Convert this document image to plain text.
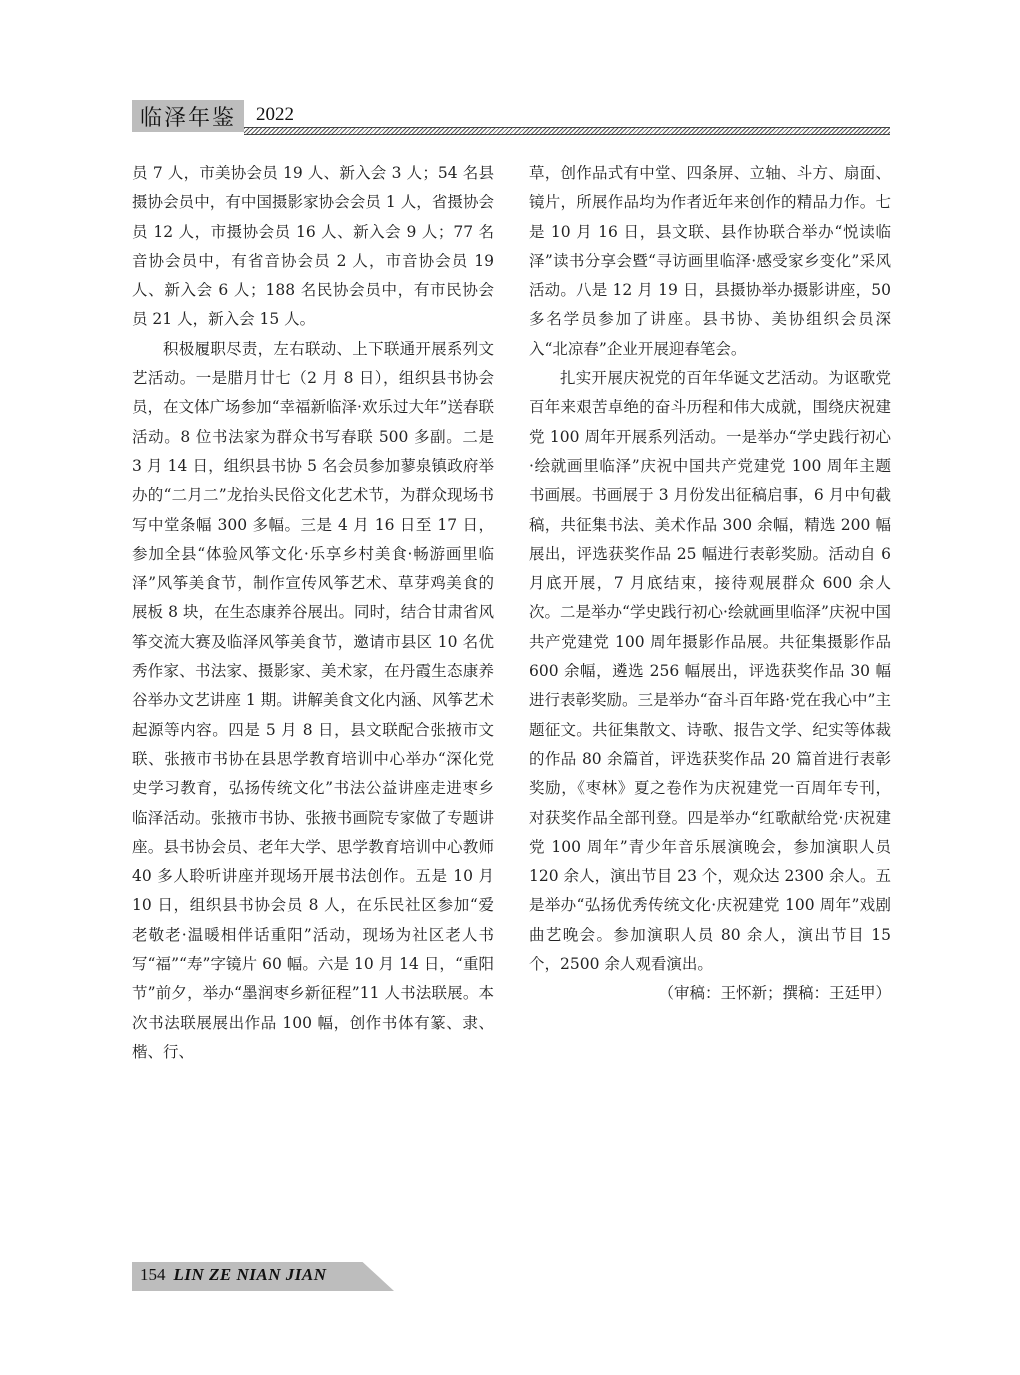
临泽年鉴 2022

员 7 人，市美协会员 19 人、新入会 3 人；54 名县摄协会员中，有中国摄影家协会会员 1 人，省摄协会员 12 人，市摄协会员 16 人、新入会 9 人；77 名音协会员中，有省音协会员 2 人，市音协会员 19 人、新入会 6 人；188 名民协会员中，有市民协会员 21 人，新入会 15 人。

积极履职尽责，左右联动、上下联通开展系列文艺活动。一是腊月廿七（2 月 8 日），组织县书协会员，在文体广场参加“幸福新临泽·欢乐过大年”送春联活动。8 位书法家为群众书写春联 500 多副。二是 3 月 14 日，组织县书协 5 名会员参加蓼泉镇政府举办的“二月二”龙抬头民俗文化艺术节，为群众现场书写中堂条幅 300 多幅。三是 4 月 16 日至 17 日，参加全县“体验风筝文化·乐享乡村美食·畅游画里临泽”风筝美食节，制作宣传风筝艺术、草芽鸡美食的展板 8 块，在生态康养谷展出。同时，结合甘肃省风筝交流大赛及临泽风筝美食节，邀请市县区 10 名优秀作家、书法家、摄影家、美术家，在丹霞生态康养谷举办文艺讲座 1 期。讲解美食文化内涵、风筝艺术起源等内容。四是 5 月 8 日，县文联配合张掖市文联、张掖市书协在县思学教育培训中心举办“深化党史学习教育，弘扬传统文化”书法公益讲座走进枣乡临泽活动。张掖市书协、张掖书画院专家做了专题讲座。县书协会员、老年大学、思学教育培训中心教师 40 多人聆听讲座并现场开展书法创作。五是 10 月 10 日，组织县书协会员 8 人，在乐民社区参加“爱老敬老·温暖相伴话重阳”活动，现场为社区老人书写“福”“寿”字镜片 60 幅。六是 10 月 14 日，“重阳节”前夕，举办“墨润枣乡新征程”11 人书法联展。本次书法联展展出作品 100 幅，创作书体有篆、隶、楷、行、

草，创作品式有中堂、四条屏、立轴、斗方、扇面、镜片，所展作品均为作者近年来创作的精品力作。七是 10 月 16 日，县文联、县作协联合举办“悦读临泽”读书分享会暨“寻访画里临泽·感受家乡变化”采风活动。八是 12 月 19 日，县摄协举办摄影讲座，50 多名学员参加了讲座。县书协、美协组织会员深入“北凉春”企业开展迎春笔会。

扎实开展庆祝党的百年华诞文艺活动。为讴歌党百年来艰苦卓绝的奋斗历程和伟大成就，围绕庆祝建党 100 周年开展系列活动。一是举办“学史践行初心·绘就画里临泽”庆祝中国共产党建党 100 周年主题书画展。书画展于 3 月份发出征稿启事，6 月中旬截稿，共征集书法、美术作品 300 余幅，精选 200 幅展出，评选获奖作品 25 幅进行表彰奖励。活动自 6 月底开展，7 月底结束，接待观展群众 600 余人次。二是举办“学史践行初心·绘就画里临泽”庆祝中国共产党建党 100 周年摄影作品展。共征集摄影作品 600 余幅，遴选 256 幅展出，评选获奖作品 30 幅进行表彰奖励。三是举办“奋斗百年路·党在我心中”主题征文。共征集散文、诗歌、报告文学、纪实等体裁的作品 80 余篇首，评选获奖作品 20 篇首进行表彰奖励，《枣林》夏之卷作为庆祝建党一百周年专刊，对获奖作品全部刊登。四是举办“红歌献给党·庆祝建党 100 周年”青少年音乐展演晚会，参加演职人员 120 余人，演出节目 23 个，观众达 2300 余人。五是举办“弘扬优秀传统文化·庆祝建党 100 周年”戏剧曲艺晚会。参加演职人员 80 余人，演出节目 15 个，2500 余人观看演出。

（审稿：王怀新；撰稿：王廷甲）

154 LIN ZE NIAN JIAN
